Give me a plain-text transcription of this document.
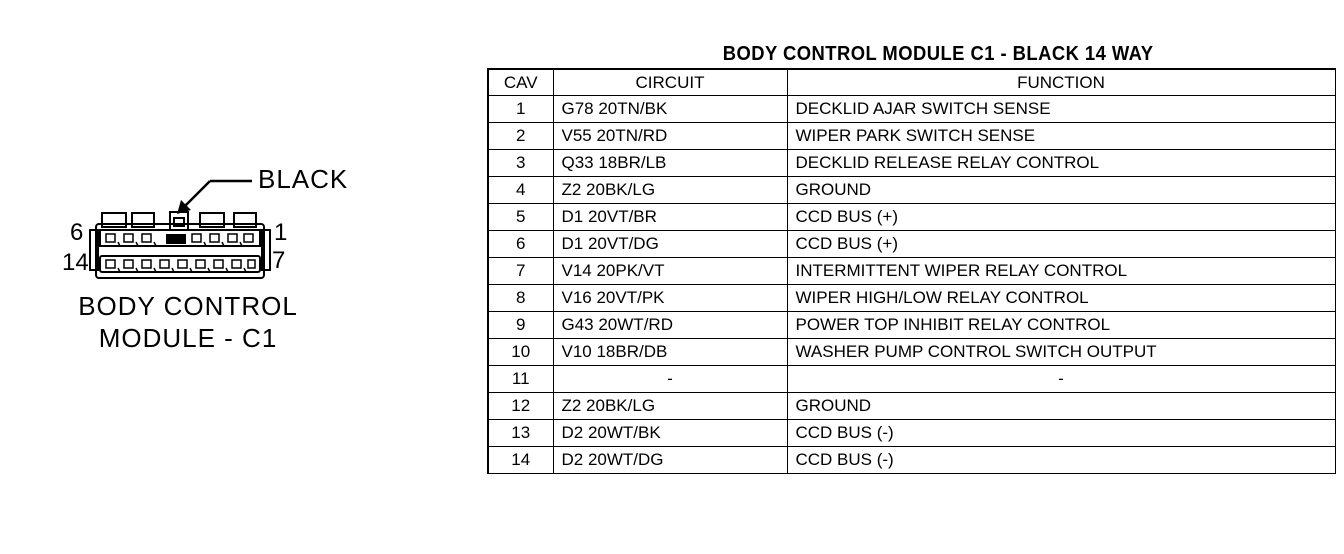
BLACK
6	1
14	7
BODY CONTROL
MODULE - C1
BODY CONTROL MODULE C1 - BLACK 14 WAY
CAV	CIRCUIT	FUNCTION
1	G78 20TN/BK	DECKLID AJAR SWITCH SENSE
2	V55 20TN/RD	WIPER PARK SWITCH SENSE
3	Q33 18BR/LB	DECKLID RELEASE RELAY CONTROL
4	Z2 20BK/LG	GROUND
5	D1 20VT/BR	CCD BUS (+)
6	D1 20VT/DG	CCD BUS (+)
7	V14 20PK/VT	INTERMITTENT WIPER RELAY CONTROL
8	V16 20VT/PK	WIPER HIGH/LOW RELAY CONTROL
9	G43 20WT/RD	POWER TOP INHIBIT RELAY CONTROL
10	V10 18BR/DB	WASHER PUMP CONTROL SWITCH OUTPUT
11	-	-
12	Z2 20BK/LG	GROUND
13	D2 20WT/BK	CCD BUS (-)
14	D2 20WT/DG	CCD BUS (-)
